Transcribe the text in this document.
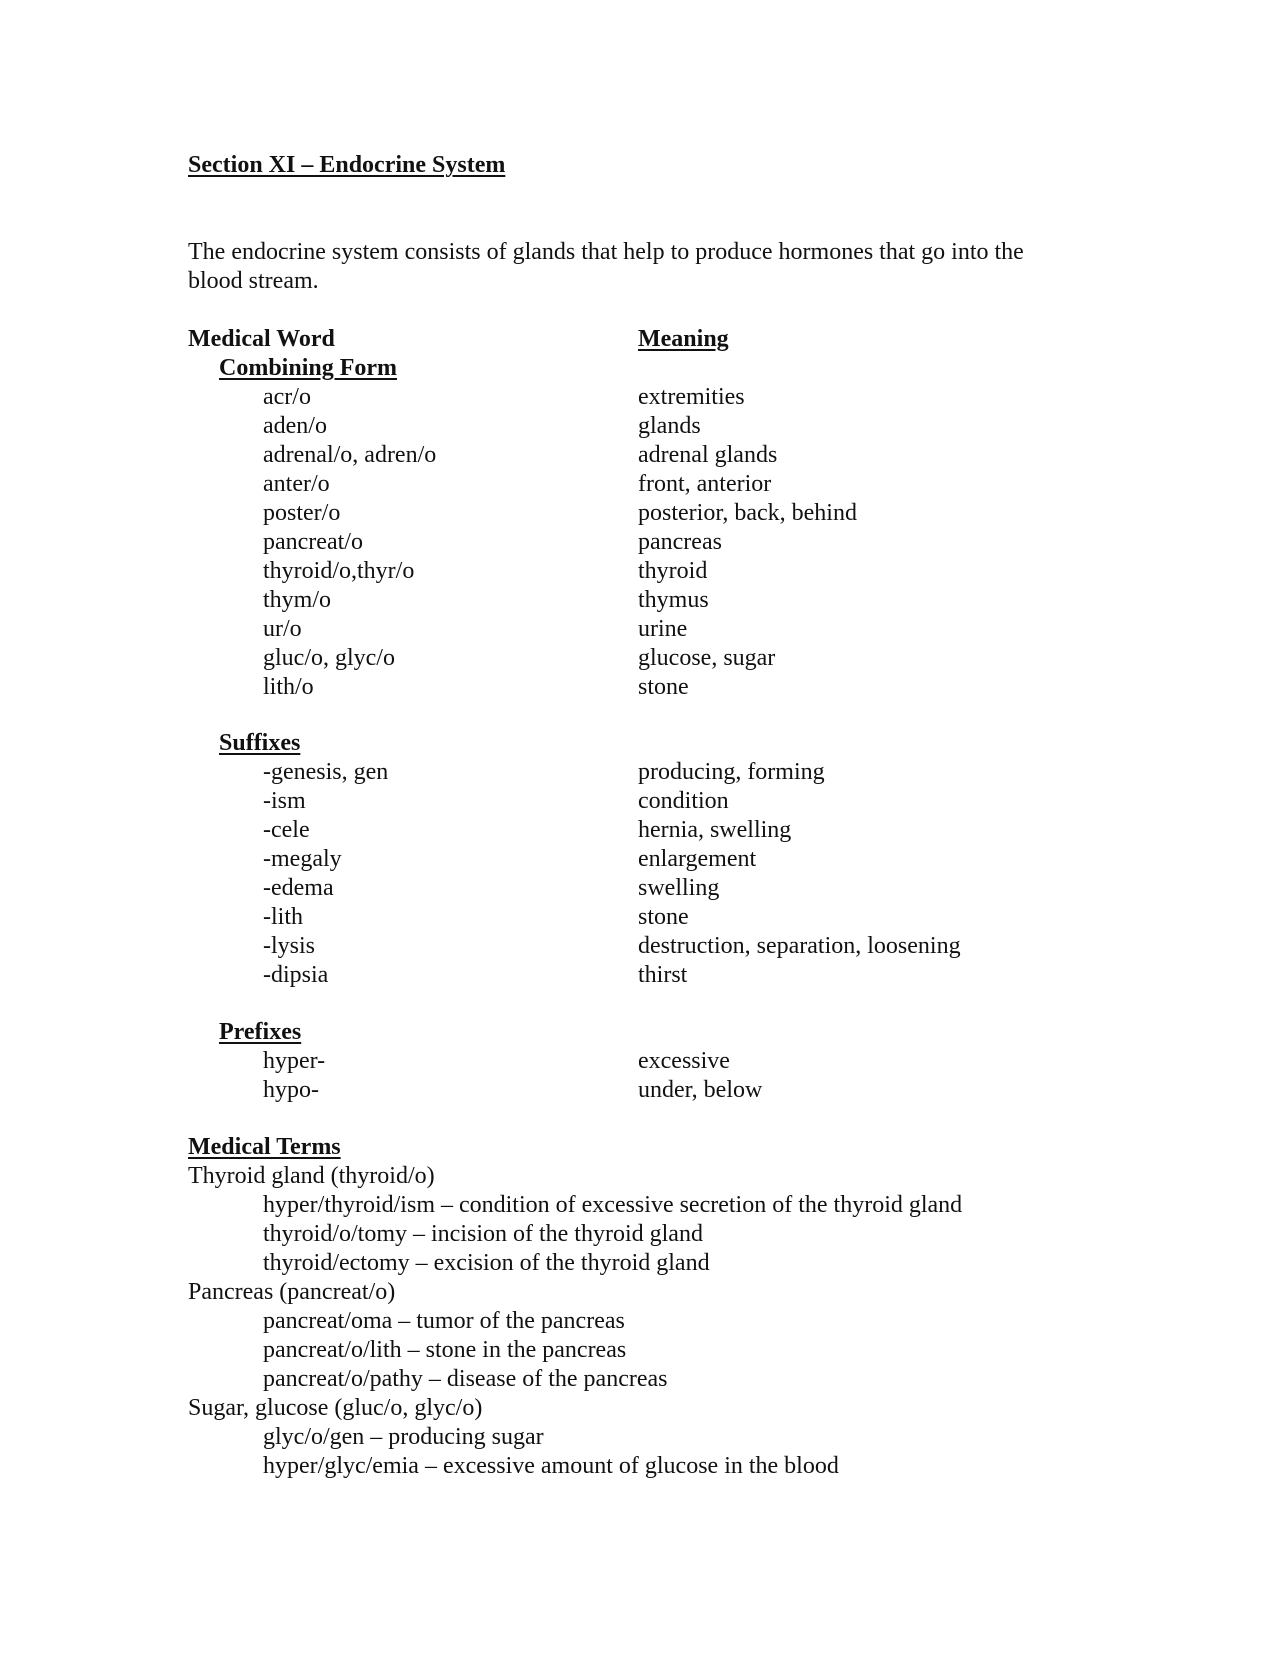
Section XI – Endocrine System
The endocrine system consists of glands that help to produce hormones that go into the
blood stream.
Medical Word	Meaning
Combining Form
acr/o	extremities
aden/o	glands
adrenal/o, adren/o	adrenal glands
anter/o	front, anterior
poster/o	posterior, back, behind
pancreat/o	pancreas
thyroid/o,thyr/o	thyroid
thym/o	thymus
ur/o	urine
gluc/o, glyc/o	glucose, sugar
lith/o	stone
Suffixes
-genesis, gen	producing, forming
-ism	condition
-cele	hernia, swelling
-megaly	enlargement
-edema	swelling
-lith	stone
-lysis	destruction, separation, loosening
-dipsia	thirst
Prefixes
hyper-	excessive
hypo-	under, below
Medical Terms
Thyroid gland (thyroid/o)
hyper/thyroid/ism – condition of excessive secretion of the thyroid gland
thyroid/o/tomy – incision of the thyroid gland
thyroid/ectomy – excision of the thyroid gland
Pancreas (pancreat/o)
pancreat/oma – tumor of the pancreas
pancreat/o/lith – stone in the pancreas
pancreat/o/pathy – disease of the pancreas
Sugar, glucose (gluc/o, glyc/o)
glyc/o/gen – producing sugar
hyper/glyc/emia – excessive amount of glucose in the blood
